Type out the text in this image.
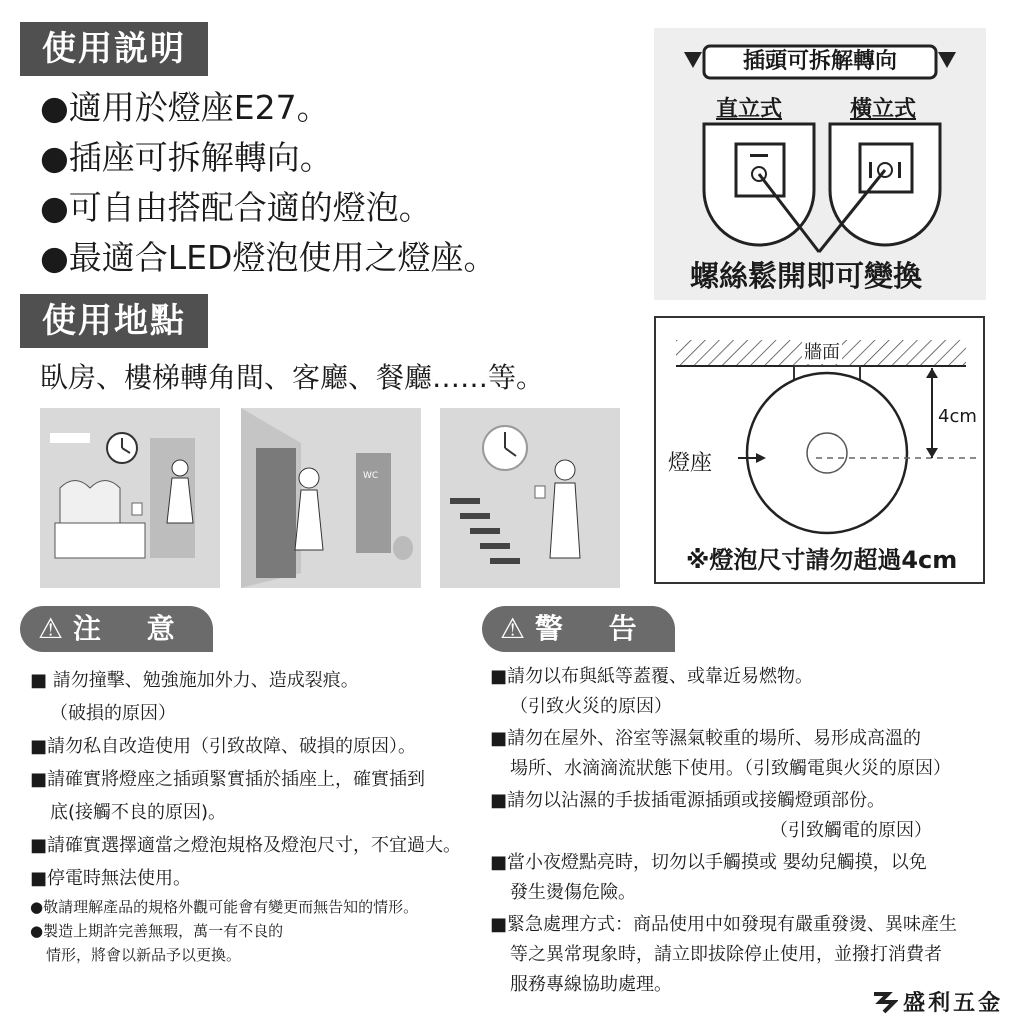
使用説明
●適用於燈座E27。
●插座可拆解轉向。
●可自由搭配合適的燈泡。
●最適合LED燈泡使用之燈座。
使用地點
臥房、樓梯轉角間、客廳、餐廳……等。
WC
插頭可拆解轉向
直立式	橫立式
螺絲鬆開即可變換
牆面
4cm
燈座
※燈泡尺寸請勿超過4cm
⚠ 注 意
■ 請勿撞擊、勉強施加外力、造成裂痕。
（破損的原因）
■請勿私自改造使用（引致故障、破損的原因）。
■請確實將燈座之插頭緊實插於插座上，確實插到
底(接觸不良的原因)。
■請確實選擇適當之燈泡規格及燈泡尺寸，不宜過大。
■停電時無法使用。
●敬請理解產品的規格外觀可能會有變更而無告知的情形。
●製造上期許完善無瑕，萬一有不良的
情形，將會以新品予以更換。
⚠ 警 告
■請勿以布與紙等蓋覆、或靠近易燃物。
（引致火災的原因）
■請勿在屋外、浴室等濕氣較重的場所、易形成高溫的
場所、水滴滴流狀態下使用。（引致觸電與火災的原因）
■請勿以沾濕的手拔插電源插頭或接觸燈頭部份。
（引致觸電的原因）
■當小夜燈點亮時，切勿以手觸摸或 嬰幼兒觸摸，以免
發生燙傷危險。
■緊急處理方式：商品使用中如發現有嚴重發燙、異味產生
等之異常現象時，請立即拔除停止使用，並撥打消費者
服務專線協助處理。
盛利五金
